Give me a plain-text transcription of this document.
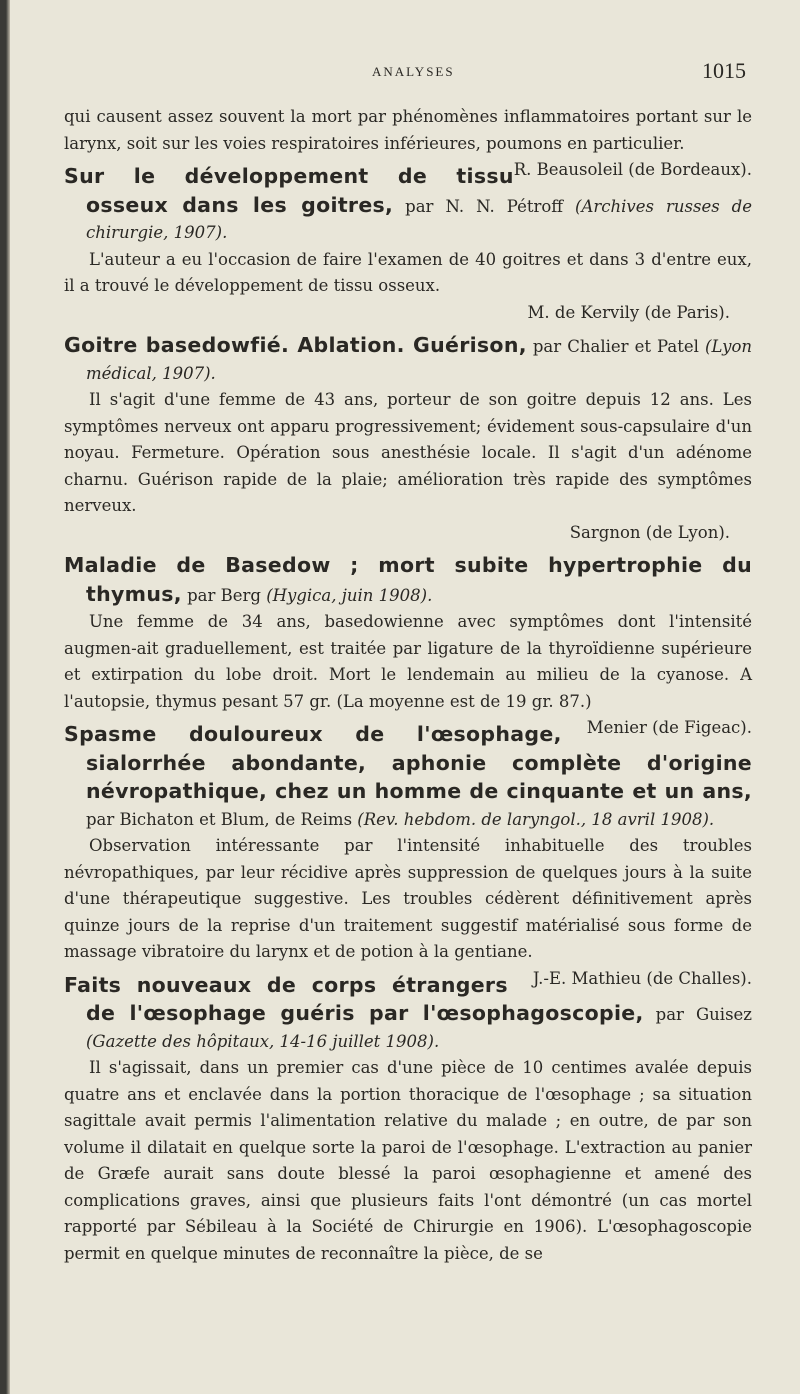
ANALYSES	1015

qui causent assez souvent la mort par phénomènes inflammatoires portant sur le larynx, soit sur les voies respiratoires inférieures, poumons en particulier.
R. Beausoleil (de Bordeaux).

Sur le développement de tissu osseux dans les goitres, par N. N. Pétroff (Archives russes de chirurgie, 1907).

L'auteur a eu l'occasion de faire l'examen de 40 goitres et dans 3 d'entre eux, il a trouvé le développement de tissu osseux.

M. de Kervily (de Paris).

Goitre basedowfié. Ablation. Guérison, par Chalier et Patel (Lyon médical, 1907).

Il s'agit d'une femme de 43 ans, porteur de son goitre depuis 12 ans. Les symptômes nerveux ont apparu progressivement; évidement sous-capsulaire d'un noyau. Fermeture. Opération sous anesthésie locale. Il s'agit d'un adénome charnu. Guérison rapide de la plaie; amélioration très rapide des symptômes nerveux.

Sargnon (de Lyon).

Maladie de Basedow ; mort subite hypertrophie du thymus, par Berg (Hygica, juin 1908).

Une femme de 34 ans, basedowienne avec symptômes dont l'intensité augmen-ait graduellement, est traitée par ligature de la thyroïdienne supérieure et extirpation du lobe droit. Mort le lendemain au milieu de la cyanose. A l'autopsie, thymus pesant 57 gr. (La moyenne est de 19 gr. 87.)
Menier (de Figeac).

Spasme douloureux de l'œsophage, sialorrhée abondante, aphonie complète d'origine névropathique, chez un homme de cinquante et un ans, par Bichaton et Blum, de Reims (Rev. hebdom. de laryngol., 18 avril 1908).

Observation intéressante par l'intensité inhabituelle des troubles névropathiques, par leur récidive après suppression de quelques jours à la suite d'une thérapeutique suggestive. Les troubles cédèrent définitivement après quinze jours de la reprise d'un traitement suggestif matérialisé sous forme de massage vibratoire du larynx et de potion à la gentiane.
J.-E. Mathieu (de Challes).

Faits nouveaux de corps étrangers de l'œsophage guéris par l'œsophagoscopie, par Guisez (Gazette des hôpitaux, 14-16 juillet 1908).

Il s'agissait, dans un premier cas d'une pièce de 10 centimes avalée depuis quatre ans et enclavée dans la portion thoracique de l'œsophage ; sa situation sagittale avait permis l'alimentation relative du malade ; en outre, de par son volume il dilatait en quelque sorte la paroi de l'œsophage. L'extraction au panier de Græfe aurait sans doute blessé la paroi œsophagienne et amené des complications graves, ainsi que plusieurs faits l'ont démontré (un cas mortel rapporté par Sébileau à la Société de Chirurgie en 1906). L'œsophagoscopie permit en quelque minutes de reconnaître la pièce, de se
